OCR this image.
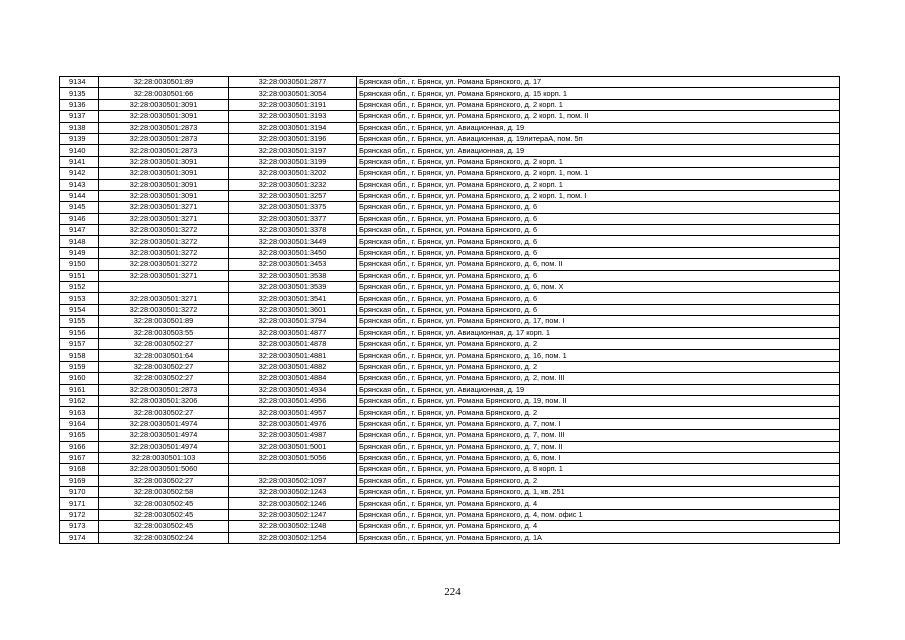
9134	32:28:0030501:89	32:28:0030501:2877	Брянская обл., г. Брянск, ул. Романа Брянского, д. 17
9135	32:28:0030501:66	32:28:0030501:3054	Брянская обл., г. Брянск, ул. Романа Брянского, д. 15 корп. 1
9136	32:28:0030501:3091	32:28:0030501:3191	Брянская обл., г. Брянск, ул. Романа Брянского, д. 2 корп. 1
9137	32:28:0030501:3091	32:28:0030501:3193	Брянская обл., г. Брянск, ул. Романа Брянского, д. 2 корп. 1, пом. II
9138	32:28:0030501:2873	32:28:0030501:3194	Брянская обл., г. Брянск, ул. Авиационная, д. 19
9139	32:28:0030501:2873	32:28:0030501:3196	Брянская обл., г. Брянск, ул. Авиационная, д. 19литераА, пом. 5п
9140	32:28:0030501:2873	32:28:0030501:3197	Брянская обл., г. Брянск, ул. Авиационная, д. 19
9141	32:28:0030501:3091	32:28:0030501:3199	Брянская обл., г. Брянск, ул. Романа Брянского, д. 2 корп. 1
9142	32:28:0030501:3091	32:28:0030501:3202	Брянская обл., г. Брянск, ул. Романа Брянского, д. 2 корп. 1, пом. 1
9143	32:28:0030501:3091	32:28:0030501:3232	Брянская обл., г. Брянск, ул. Романа Брянского, д. 2 корп. 1
9144	32:28:0030501:3091	32:28:0030501:3257	Брянская обл., г. Брянск, ул. Романа Брянского, д. 2 корп. 1, пом. I
9145	32:28:0030501:3271	32:28:0030501:3375	Брянская обл., г. Брянск, ул. Романа Брянского, д. 6
9146	32:28:0030501:3271	32:28:0030501:3377	Брянская обл., г. Брянск, ул. Романа Брянского, д. 6
9147	32:28:0030501:3272	32:28:0030501:3378	Брянская обл., г. Брянск, ул. Романа Брянского, д. 6
9148	32:28:0030501:3272	32:28:0030501:3449	Брянская обл., г. Брянск, ул. Романа Брянского, д. 6
9149	32:28:0030501:3272	32:28:0030501:3450	Брянская обл., г. Брянск, ул. Романа Брянского, д. 6
9150	32:28:0030501:3272	32:28:0030501:3453	Брянская обл., г. Брянск, ул. Романа Брянского, д. 6, пом. II
9151	32:28:0030501:3271	32:28:0030501:3538	Брянская обл., г. Брянск, ул. Романа Брянского, д. 6
9152		32:28:0030501:3539	Брянская обл., г. Брянск, ул. Романа Брянского, д. 6, пом. X
9153	32:28:0030501:3271	32:28:0030501:3541	Брянская обл., г. Брянск, ул. Романа Брянского, д. 6
9154	32:28:0030501:3272	32:28:0030501:3601	Брянская обл., г. Брянск, ул. Романа Брянского, д. 6
9155	32:28:0030501:89	32:28:0030501:3794	Брянская обл., г. Брянск, ул. Романа Брянского, д. 17, пом. I
9156	32:28:0030503:55	32:28:0030501:4877	Брянская обл., г. Брянск, ул. Авиационная, д. 17 корп. 1
9157	32:28:0030502:27	32:28:0030501:4878	Брянская обл., г. Брянск, ул. Романа Брянского, д. 2
9158	32:28:0030501:64	32:28:0030501:4881	Брянская обл., г. Брянск, ул. Романа Брянского, д. 16, пом. 1
9159	32:28:0030502:27	32:28:0030501:4882	Брянская обл., г. Брянск, ул. Романа Брянского, д. 2
9160	32:28:0030502:27	32:28:0030501:4884	Брянская обл., г. Брянск, ул. Романа Брянского, д. 2, пом. III
9161	32:28:0030501:2873	32:28:0030501:4934	Брянская обл., г. Брянск, ул. Авиационная, д. 19
9162	32:28:0030501:3206	32:28:0030501:4956	Брянская обл., г. Брянск, ул. Романа Брянского, д. 19, пом. II
9163	32:28:0030502:27	32:28:0030501:4957	Брянская обл., г. Брянск, ул. Романа Брянского, д. 2
9164	32:28:0030501:4974	32:28:0030501:4976	Брянская обл., г. Брянск, ул. Романа Брянского, д. 7, пом. I
9165	32:28:0030501:4974	32:28:0030501:4987	Брянская обл., г. Брянск, ул. Романа Брянского, д. 7, пом. III
9166	32:28:0030501:4974	32:28:0030501:5001	Брянская обл., г. Брянск, ул. Романа Брянского, д. 7, пом. II
9167	32:28:0030501:103	32:28:0030501:5056	Брянская обл., г. Брянск, ул. Романа Брянского, д. 6, пом. I
9168	32:28:0030501:5060		Брянская обл., г. Брянск, ул. Романа Брянского, д. 8 корп. 1
9169	32:28:0030502:27	32:28:0030502:1097	Брянская обл., г. Брянск, ул. Романа Брянского, д. 2
9170	32:28:0030502:58	32:28:0030502:1243	Брянская обл., г. Брянск, ул. Романа Брянского, д. 1, кв. 251
9171	32:28:0030502:45	32:28:0030502:1246	Брянская обл., г. Брянск, ул. Романа Брянского, д. 4
9172	32:28:0030502:45	32:28:0030502:1247	Брянская обл., г. Брянск, ул. Романа Брянского, д. 4, пом. офис 1
9173	32:28:0030502:45	32:28:0030502:1248	Брянская обл., г. Брянск, ул. Романа Брянского, д. 4
9174	32:28:0030502:24	32:28:0030502:1254	Брянская обл., г. Брянск, ул. Романа Брянского, д. 1А
224
